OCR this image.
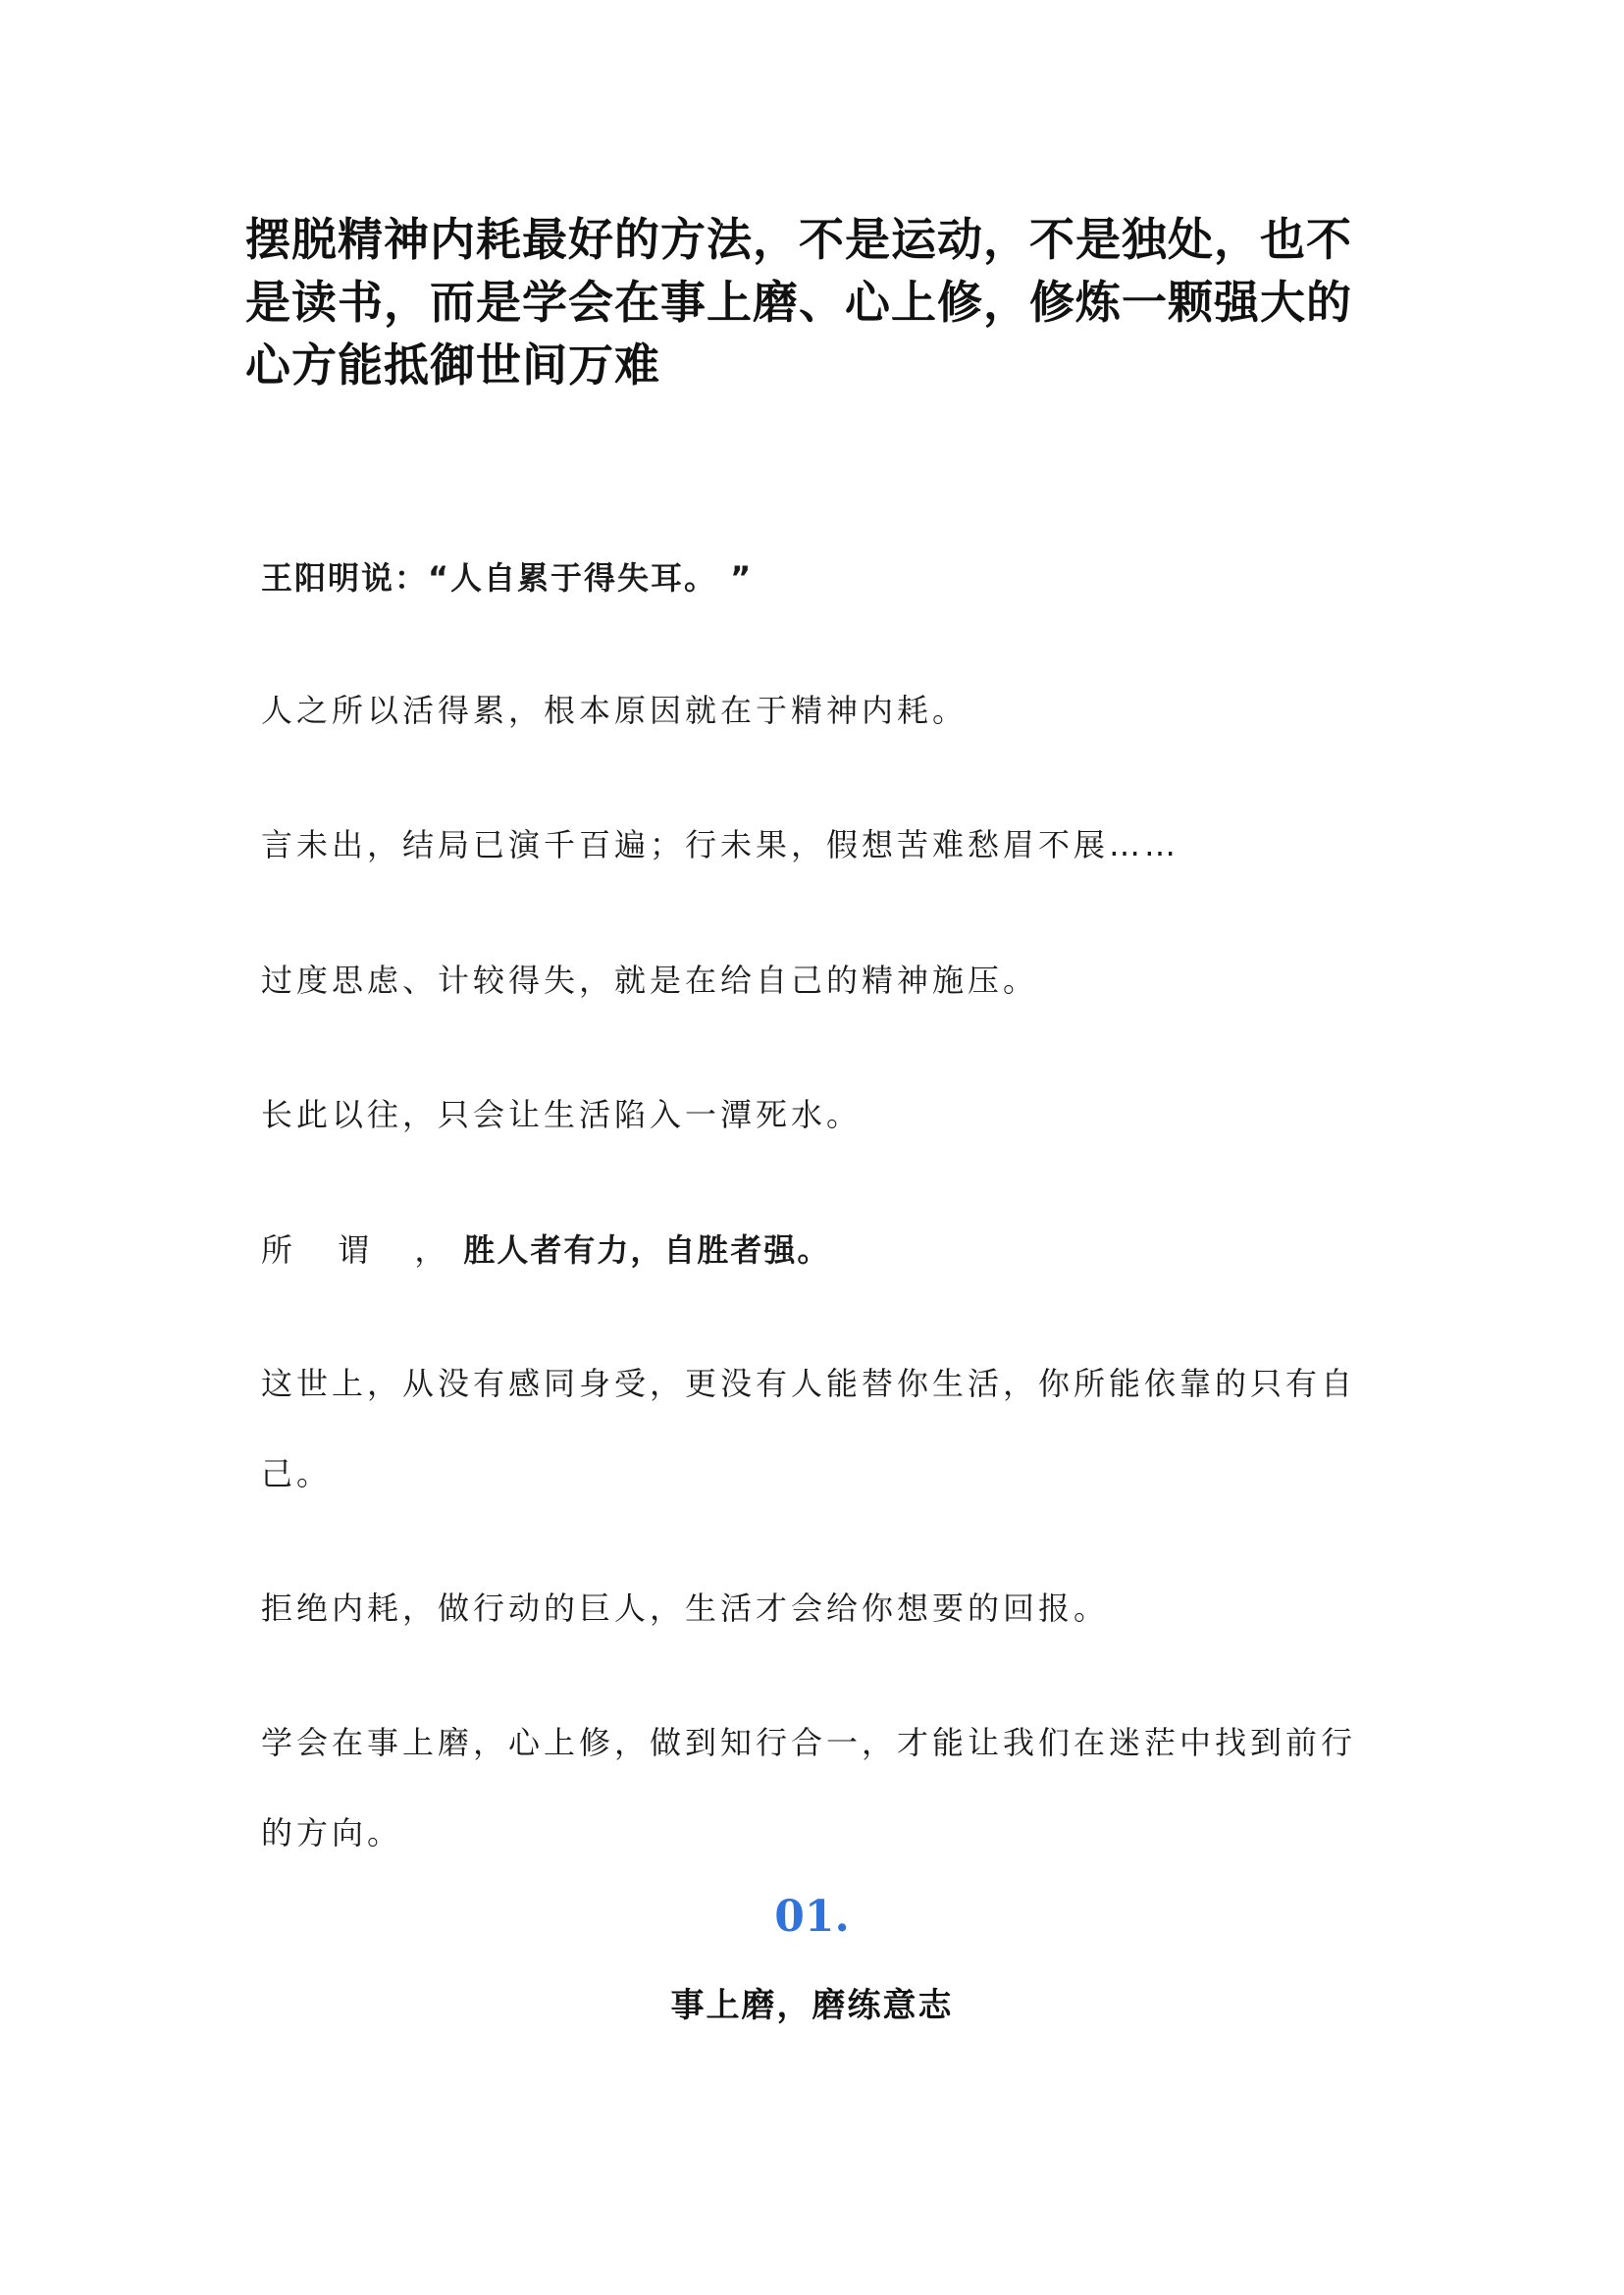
摆脱精神内耗最好的方法，不是运动，不是独处，也不是读书，而是学会在事上磨、心上修，修炼一颗强大的心方能抵御世间万难

王阳明说：“人自累于得失耳。 ”

人之所以活得累，根本原因就在于精神内耗。

言未出，结局已演千百遍；行未果，假想苦难愁眉不展……

过度思虑、计较得失，就是在给自己的精神施压。

长此以往，只会让生活陷入一潭死水。

所 谓 ，胜人者有力，自胜者强。

这世上，从没有感同身受，更没有人能替你生活，你所能依靠的只有自己。

拒绝内耗，做行动的巨人，生活才会给你想要的回报。

学会在事上磨，心上修，做到知行合一，才能让我们在迷茫中找到前行的方向。

01.

事上磨，磨练意志
